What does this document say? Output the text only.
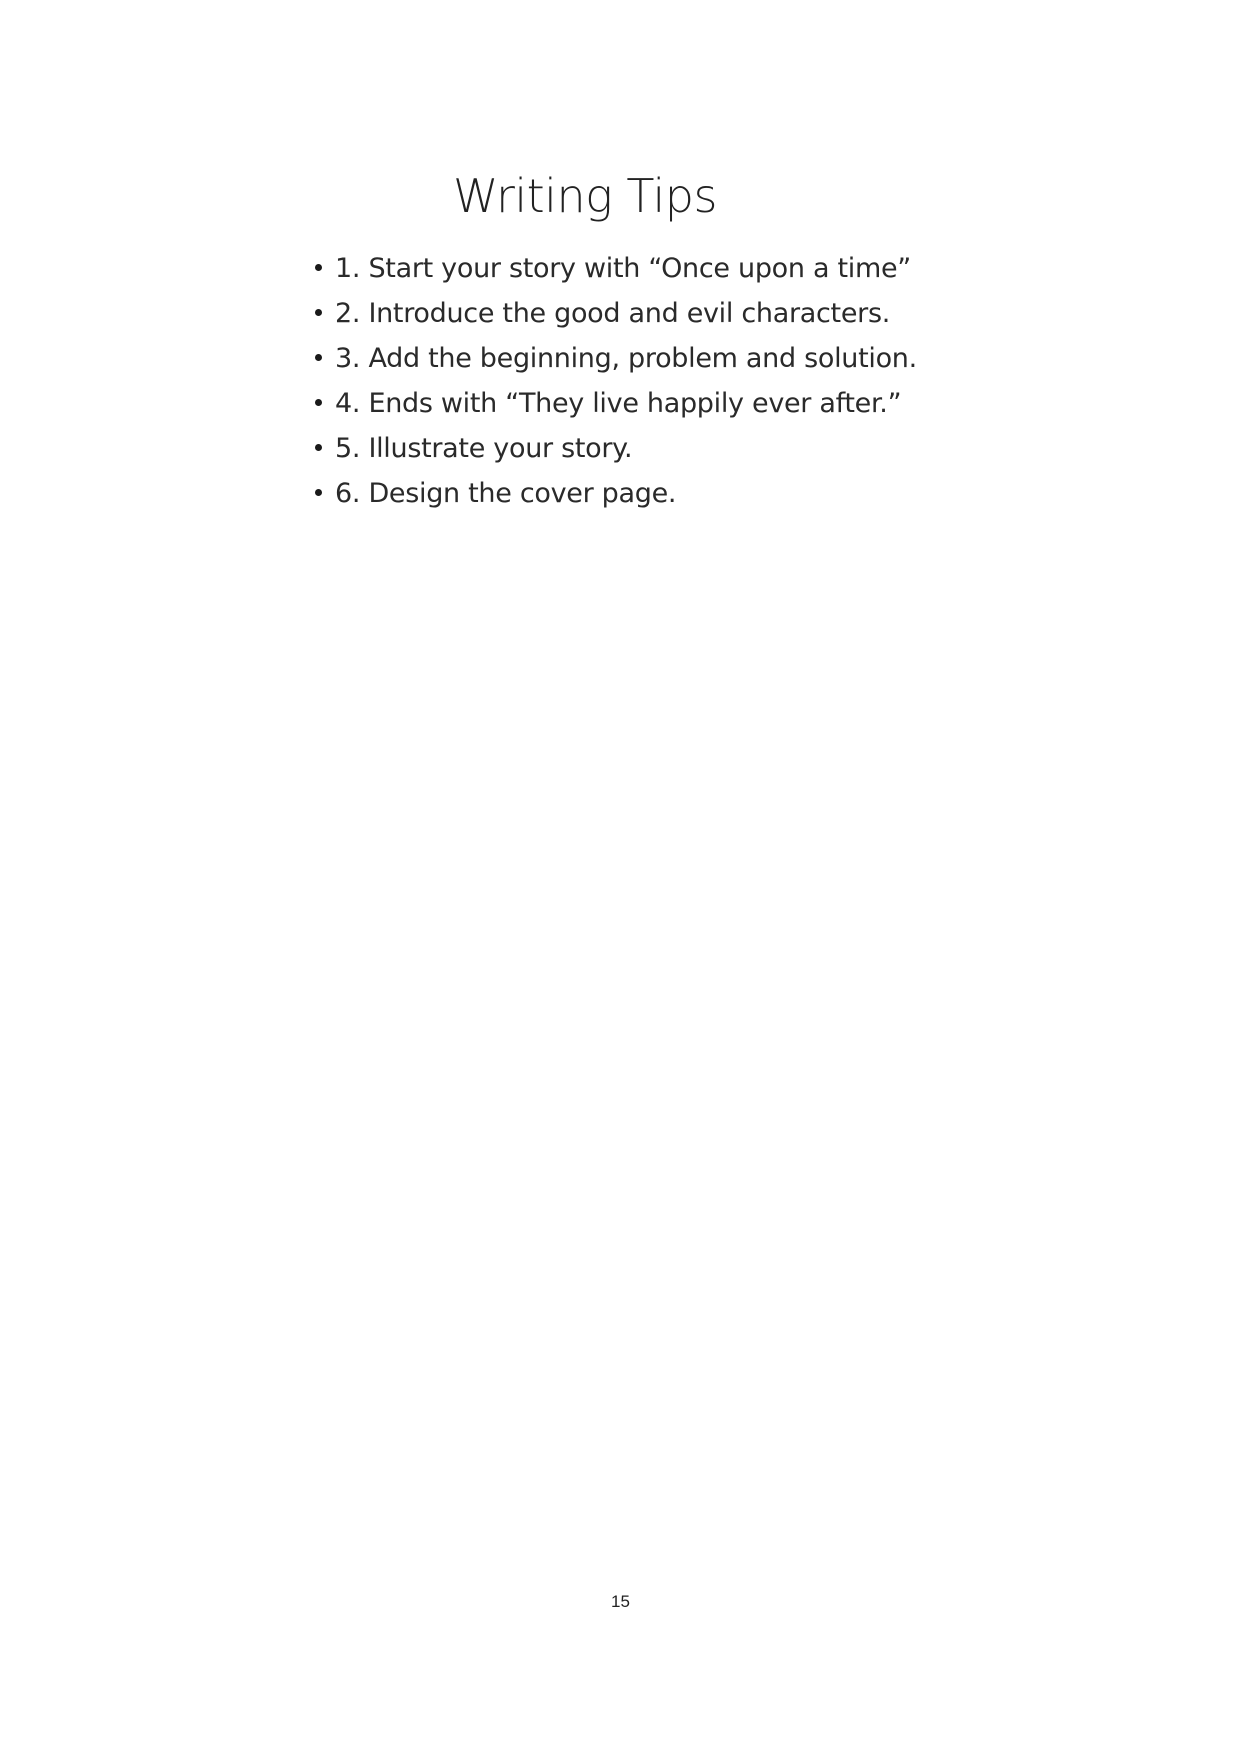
Writing Tips
1. Start your story with “Once upon a time”
2. Introduce the good and evil characters.
3. Add the beginning, problem and solution.
4. Ends with “They live happily ever after.”
5. Illustrate your story.
6. Design the cover page.
15
